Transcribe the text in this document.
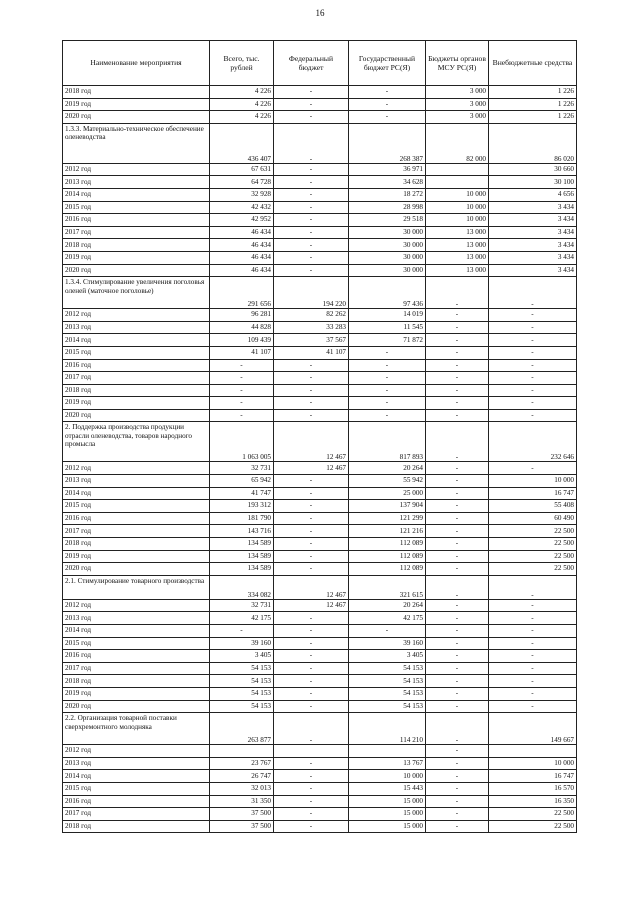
16
Наименование мероприятия	Всего, тыс. рублей	Федеральный бюджет	Государственный бюджет РС(Я)	Бюджеты органов МСУ РС(Я)	Внебюджетные средства
2018 год	4 226	-	-	3 000	1 226
2019 год	4 226	-	-	3 000	1 226
2020 год	4 226	-	-	3 000	1 226
1.3.3. Материально-техническое обеспечение оленеводства	436 407	-	268 387	82 000	86 020
2012 год	67 631	-	36 971		30 660
2013 год	64 728	-	34 628		30 100
2014 год	32 928	-	18 272	10 000	4 656
2015 год	42 432	-	28 998	10 000	3 434
2016 год	42 952	-	29 518	10 000	3 434
2017 год	46 434	-	30 000	13 000	3 434
2018 год	46 434	-	30 000	13 000	3 434
2019 год	46 434	-	30 000	13 000	3 434
2020 год	46 434	-	30 000	13 000	3 434
1.3.4. Стимулирование увеличения поголовья оленей (маточное поголовье)	291 656	194 220	97 436	-	-
2012 год	96 281	82 262	14 019	-	-
2013 год	44 828	33 283	11 545	-	-
2014 год	109 439	37 567	71 872	-	-
2015 год	41 107	41 107	-	-	-
2016 год	-	-	-	-	-
2017 год	-	-	-	-	-
2018 год	-	-	-	-	-
2019 год	-	-	-	-	-
2020 год	-	-	-	-	-
2. Поддержка производства продукции отрасли оленеводства, товаров народного промысла	1 063 005	12 467	817 893	-	232 646
2012 год	32 731	12 467	20 264	-	-
2013 год	65 942	-	55 942	-	10 000
2014 год	41 747	-	25 000	-	16 747
2015 год	193 312	-	137 904	-	55 408
2016 год	181 790	-	121 299	-	60 490
2017 год	143 716	-	121 216	-	22 500
2018 год	134 589	-	112 089	-	22 500
2019 год	134 589	-	112 089	-	22 500
2020 год	134 589	-	112 089	-	22 500
2.1. Стимулирование товарного производства	334 082	12 467	321 615	-	-
2012 год	32 731	12 467	20 264	-	-
2013 год	42 175	-	42 175	-	-
2014 год	-	-	-	-	-
2015 год	39 160	-	39 160	-	-
2016 год	3 405	-	3 405	-	-
2017 год	54 153	-	54 153	-	-
2018 год	54 153	-	54 153	-	-
2019 год	54 153	-	54 153	-	-
2020 год	54 153	-	54 153	-	-
2.2. Организация товарной поставки сверхремонтного молодняка	263 877	-	114 210	-	149 667
2012 год				-	
2013 год	23 767	-	13 767	-	10 000
2014 год	26 747	-	10 000	-	16 747
2015 год	32 013	-	15 443	-	16 570
2016 год	31 350	-	15 000	-	16 350
2017 год	37 500	-	15 000	-	22 500
2018 год	37 500	-	15 000	-	22 500
